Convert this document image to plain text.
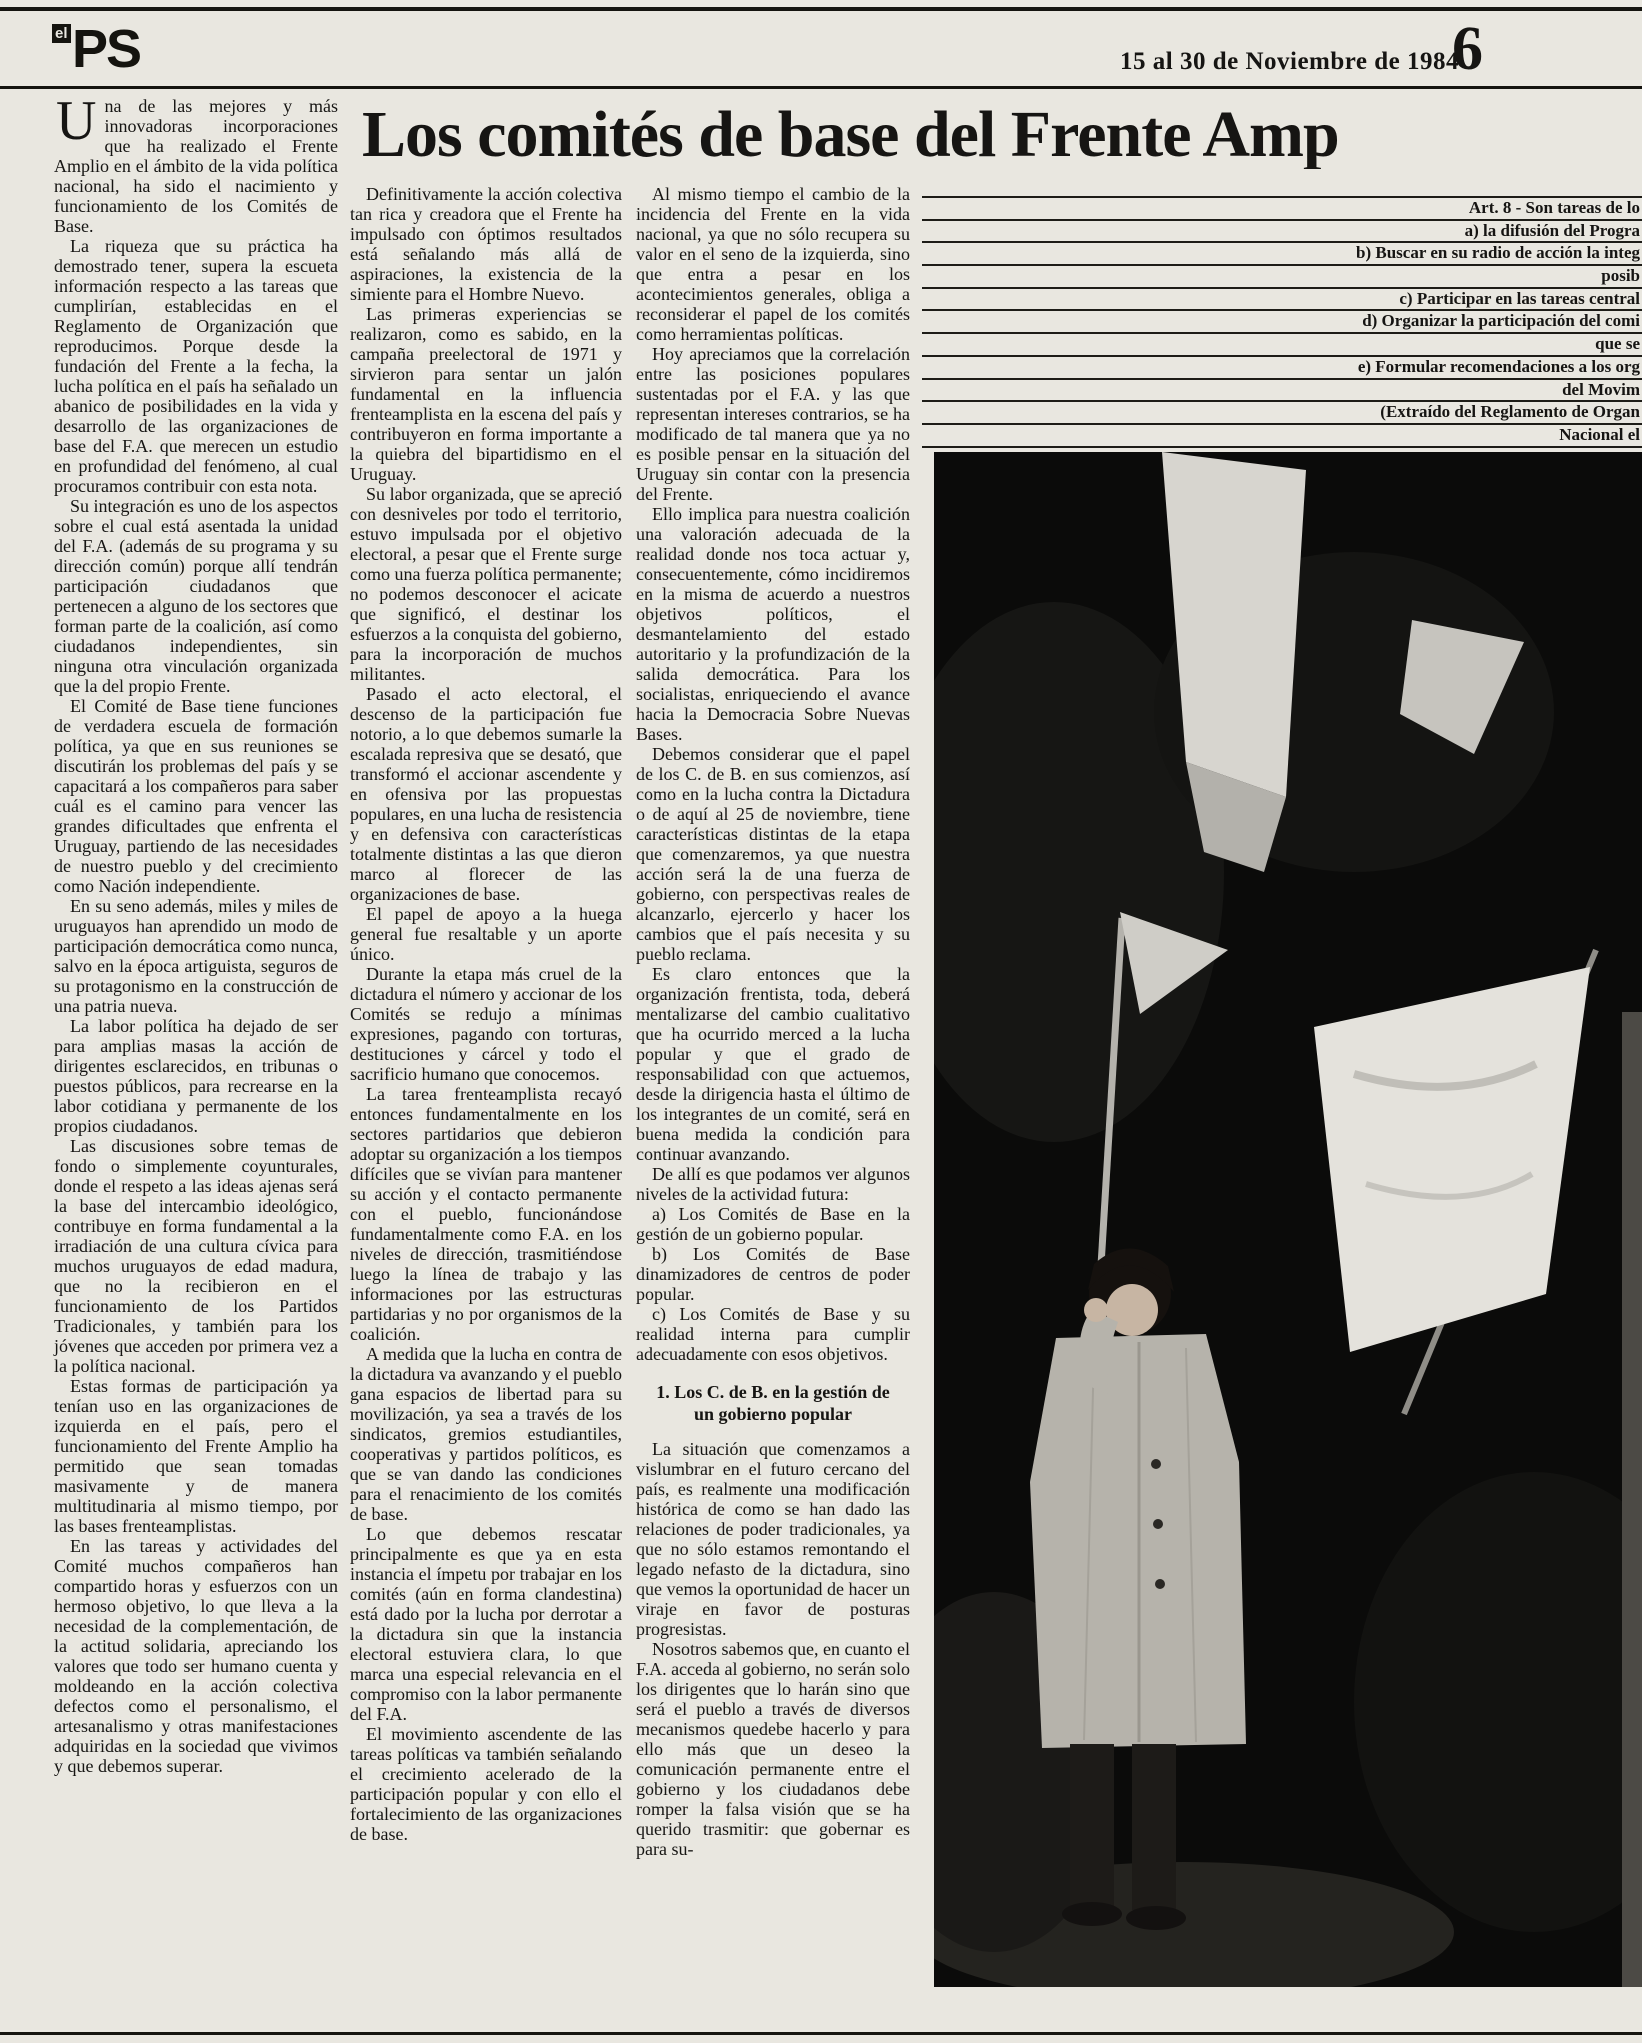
el PS	15 al 30 de Noviembre de 1984
6
Los comités de base del Frente Amp

Una de las mejores y más innovadoras incorporaciones que ha realizado el Frente Amplio en el ámbito de la vida política nacional, ha sido el nacimiento y funcionamiento de los Comités de Base.

La riqueza que su práctica ha demostrado tener, supera la escueta información respecto a las tareas que cumplirían, establecidas en el Reglamento de Organización que reproducimos. Porque desde la fundación del Frente a la fecha, la lucha política en el país ha señalado un abanico de posibilidades en la vida y desarrollo de las organizaciones de base del F.A. que merecen un estudio en profundidad del fenómeno, al cual procuramos contribuir con esta nota.

Su integración es uno de los aspectos sobre el cual está asentada la unidad del F.A. (además de su programa y su dirección común) porque allí tendrán participación ciudadanos que pertenecen a alguno de los sectores que forman parte de la coalición, así como ciudadanos independientes, sin ninguna otra vinculación organizada que la del propio Frente.

El Comité de Base tiene funciones de verdadera escuela de formación política, ya que en sus reuniones se discutirán los problemas del país y se capacitará a los compañeros para saber cuál es el camino para vencer las grandes dificultades que enfrenta el Uruguay, partiendo de las necesidades de nuestro pueblo y del crecimiento como Nación independiente.

En su seno además, miles y miles de uruguayos han aprendido un modo de participación democrática como nunca, salvo en la época artiguista, seguros de su protagonismo en la construcción de una patria nueva.

La labor política ha dejado de ser para amplias masas la acción de dirigentes esclarecidos, en tribunas o puestos públicos, para recrearse en la labor cotidiana y permanente de los propios ciudadanos.

Las discusiones sobre temas de fondo o simplemente coyunturales, donde el respeto a las ideas ajenas será la base del intercambio ideológico, contribuye en forma fundamental a la irradiación de una cultura cívica para muchos uruguayos de edad madura, que no la recibieron en el funcionamiento de los Partidos Tradicionales, y también para los jóvenes que acceden por primera vez a la política nacional.

Estas formas de participación ya tenían uso en las organizaciones de izquierda en el país, pero el funcionamiento del Frente Amplio ha permitido que sean tomadas masivamente y de manera multitudinaria al mismo tiempo, por las bases frenteamplistas.

En las tareas y actividades del Comité muchos compañeros han compartido horas y esfuerzos con un hermoso objetivo, lo que lleva a la necesidad de la complementación, de la actitud solidaria, apreciando los valores que todo ser humano cuenta y moldeando en la acción colectiva defectos como el personalismo, el artesanalismo y otras manifestaciones adquiridas en la sociedad que vivimos y que debemos superar.

Definitivamente la acción colectiva tan rica y creadora que el Frente ha impulsado con óptimos resultados está señalando más allá de aspiraciones, la existencia de la simiente para el Hombre Nuevo.

Las primeras experiencias se realizaron, como es sabido, en la campaña preelectoral de 1971 y sirvieron para sentar un jalón fundamental en la influencia frenteamplista en la escena del país y contribuyeron en forma importante a la quiebra del bipartidismo en el Uruguay.

Su labor organizada, que se apreció con desniveles por todo el territorio, estuvo impulsada por el objetivo electoral, a pesar que el Frente surge como una fuerza política permanente; no podemos desconocer el acicate que significó, el destinar los esfuerzos a la conquista del gobierno, para la incorporación de muchos militantes.

Pasado el acto electoral, el descenso de la participación fue notorio, a lo que debemos sumarle la escalada represiva que se desató, que transformó el accionar ascendente y en ofensiva por las propuestas populares, en una lucha de resistencia y en defensiva con características totalmente distintas a las que dieron marco al florecer de las organizaciones de base.

El papel de apoyo a la huega general fue resaltable y un aporte único.

Durante la etapa más cruel de la dictadura el número y accionar de los Comités se redujo a mínimas expresiones, pagando con torturas, destituciones y cárcel y todo el sacrificio humano que conocemos.

La tarea frenteamplista recayó entonces fundamentalmente en los sectores partidarios que debieron adoptar su organización a los tiempos difíciles que se vivían para mantener su acción y el contacto permanente con el pueblo, funcionándose fundamentalmente como F.A. en los niveles de dirección, trasmitiéndose luego la línea de trabajo y las informaciones por las estructuras partidarias y no por organismos de la coalición.

A medida que la lucha en contra de la dictadura va avanzando y el pueblo gana espacios de libertad para su movilización, ya sea a través de los sindicatos, gremios estudiantiles, cooperativas y partidos políticos, es que se van dando las condiciones para el renacimiento de los comités de base.

Lo que debemos rescatar principalmente es que ya en esta instancia el ímpetu por trabajar en los comités (aún en forma clandestina) está dado por la lucha por derrotar a la dictadura sin que la instancia electoral estuviera clara, lo que marca una especial relevancia en el compromiso con la labor permanente del F.A.

El movimiento ascendente de las tareas políticas va también señalando el crecimiento acelerado de la participación popular y con ello el fortalecimiento de las organizaciones de base.

Al mismo tiempo el cambio de la incidencia del Frente en la vida nacional, ya que no sólo recupera su valor en el seno de la izquierda, sino que entra a pesar en los acontecimientos generales, obliga a reconsiderar el papel de los comités como herramientas políticas.

Hoy apreciamos que la correlación entre las posiciones populares sustentadas por el F.A. y las que representan intereses contrarios, se ha modificado de tal manera que ya no es posible pensar en la situación del Uruguay sin contar con la presencia del Frente.

Ello implica para nuestra coalición una valoración adecuada de la realidad donde nos toca actuar y, consecuentemente, cómo incidiremos en la misma de acuerdo a nuestros objetivos políticos, el desmantelamiento del estado autoritario y la profundización de la salida democrática. Para los socialistas, enriqueciendo el avance hacia la Democracia Sobre Nuevas Bases.

Debemos considerar que el papel de los C. de B. en sus comienzos, así como en la lucha contra la Dictadura o de aquí al 25 de noviembre, tiene características distintas de la etapa que comenzaremos, ya que nuestra acción será la de una fuerza de gobierno, con perspectivas reales de alcanzarlo, ejercerlo y hacer los cambios que el país necesita y su pueblo reclama.

Es claro entonces que la organización frentista, toda, deberá mentalizarse del cambio cualitativo que ha ocurrido merced a la lucha popular y que el grado de responsabilidad con que actuemos, desde la dirigencia hasta el último de los integrantes de un comité, será en buena medida la condición para continuar avanzando.

De allí es que podamos ver algunos niveles de la actividad futura:

a) Los Comités de Base en la gestión de un gobierno popular.

b) Los Comités de Base dinamizadores de centros de poder popular.

c) Los Comités de Base y su realidad interna para cumplir adecuadamente con esos objetivos.

1. Los C. de B. en la gestión de un gobierno popular

La situación que comenzamos a vislumbrar en el futuro cercano del país, es realmente una modificación histórica de como se han dado las relaciones de poder tradicionales, ya que no sólo estamos remontando el legado nefasto de la dictadura, sino que vemos la oportunidad de hacer un viraje en favor de posturas progresistas.

Nosotros sabemos que, en cuanto el F.A. acceda al gobierno, no serán solo los dirigentes que lo harán sino que será el pueblo a través de diversos mecanismos quedebe hacerlo y para ello más que un deseo la comunicación permanente entre el gobierno y los ciudadanos debe romper la falsa visión que se ha querido trasmitir: que gobernar es para su-

Art. 8 - Son tareas de lo
a) la difusión del Progra
b) Buscar en su radio de acción la integ
posib
c) Participar en las tareas central
d) Organizar la participación del comi
que se
e) Formular recomendaciones a los org
del Movim
(Extraído del Reglamento de Organ
Nacional el
